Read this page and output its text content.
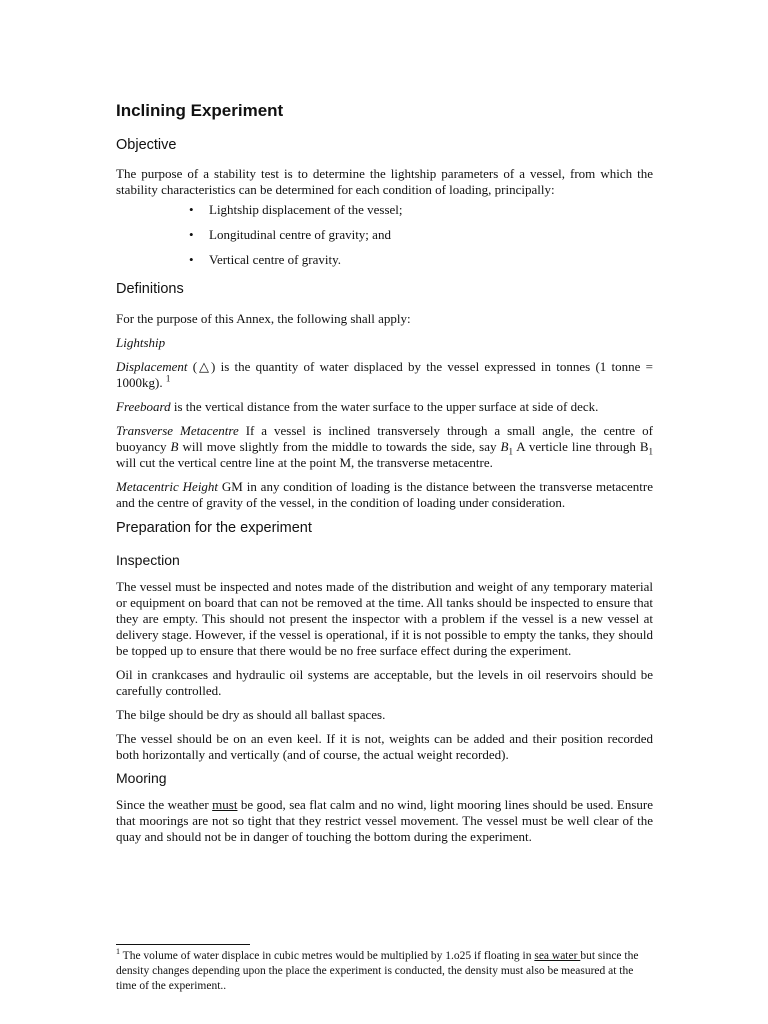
Inclining Experiment
Objective

The purpose of a stability test is to determine the lightship parameters of a vessel, from which the stability characteristics can be determined for each condition of loading, principally:

• Lightship displacement of the vessel;
• Longitudinal centre of gravity; and
• Vertical centre of gravity.
Definitions

For the purpose of this Annex, the following shall apply:

Lightship

Displacement (△) is the quantity of water displaced by the vessel expressed in tonnes (1 tonne = 1000kg). $^1$

Freeboard is the vertical distance from the water surface to the upper surface at side of deck.

Transverse Metacentre If a vessel is inclined transversely through a small angle, the centre of buoyancy B will move slightly from the middle to towards the side, say $B_1$ A verticle line through $B_1$ will cut the vertical centre line at the point M, the transverse metacentre.

Metacentric Height GM in any condition of loading is the distance between the transverse metacentre and the centre of gravity of the vessel, in the condition of loading under consideration.

Preparation for the experiment
Inspection

The vessel must be inspected and notes made of the distribution and weight of any temporary material or equipment on board that can not be removed at the time. All tanks should be inspected to ensure that they are empty. This should not present the inspector with a problem if the vessel is a new vessel at delivery stage. However, if the vessel is operational, if it is not possible to empty the tanks, they should be topped up to ensure that there would be no free surface effect during the experiment.

Oil in crankcases and hydraulic oil systems are acceptable, but the levels in oil reservoirs should be carefully controlled.

The bilge should be dry as should all ballast spaces.

The vessel should be on an even keel. If it is not, weights can be added and their position recorded both horizontally and vertically (and of course, the actual weight recorded).

Mooring

Since the weather must be good, sea flat calm and no wind, light mooring lines should be used. Ensure that moorings are not so tight that they restrict vessel movement. The vessel must be well clear of the quay and should not be in danger of touching the bottom during the experiment.

$^1$ The volume of water displace in cubic metres would be multiplied by 1.o25 if floating in sea water but since the density changes depending upon the place the experiment is conducted, the density must also be measured at the time of the experiment..
